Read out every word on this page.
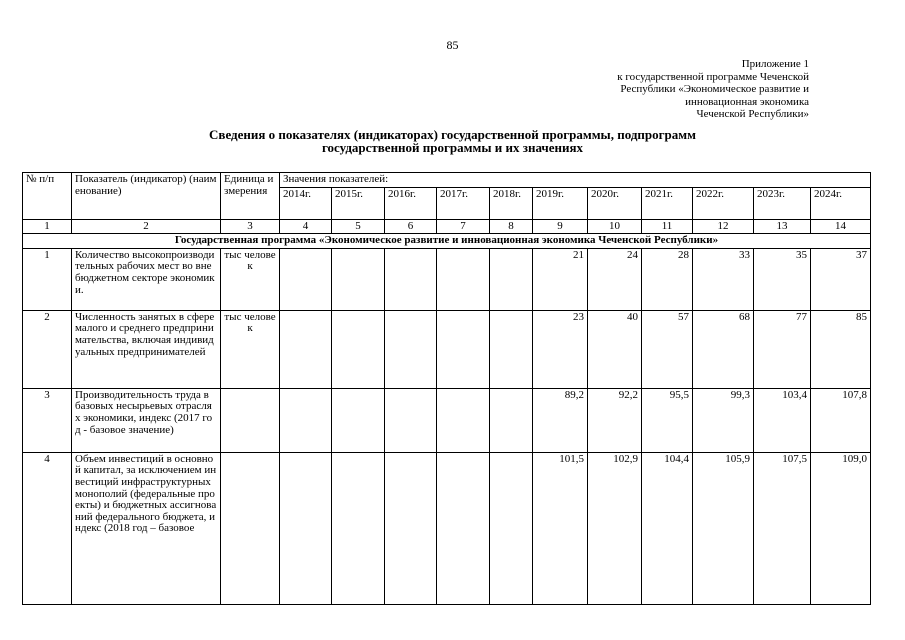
85
Приложение 1
к государственной программе Чеченской
Республики «Экономическое развитие и
инновационная экономика
Чеченской Республики»
Сведения о показателях (индикаторах) государственной программы, подпрограмм
государственной программы и их значениях
№ п/п	Показатель (индикатор) (наименование)	Единица измерения	Значения показателей:										
			2014г.	2015г.	2016г.	2017г.	2018г.	2019г.	2020г.	2021г.	2022г.	2023г.	2024г.
1	2	3	4	5	6	7	8	9	10	11	12	13	14
Государственная программа «Экономическое развитие и инновационная экономика Чеченской Республики»													
1	Количество высокопроизводительных рабочих мест во внебюджетном секторе экономики.	тыс человек						21	24	28	33	35	37
2	Численность занятых в сфере малого и среднего предпринимательства, включая индивидуальных предпринимателей	тыс человек						23	40	57	68	77	85
3	Производительность труда в базовых несырьевых отраслях экономики, индекс (2017 год - базовое значение)							89,2	92,2	95,5	99,3	103,4	107,8
4	Объем инвестиций в основной капитал, за исключением инвестиций инфраструктурных монополий (федеральные проекты) и бюджетных ассигнований федерального бюджета, индекс (2018 год – базовое							101,5	102,9	104,4	105,9	107,5	109,0
